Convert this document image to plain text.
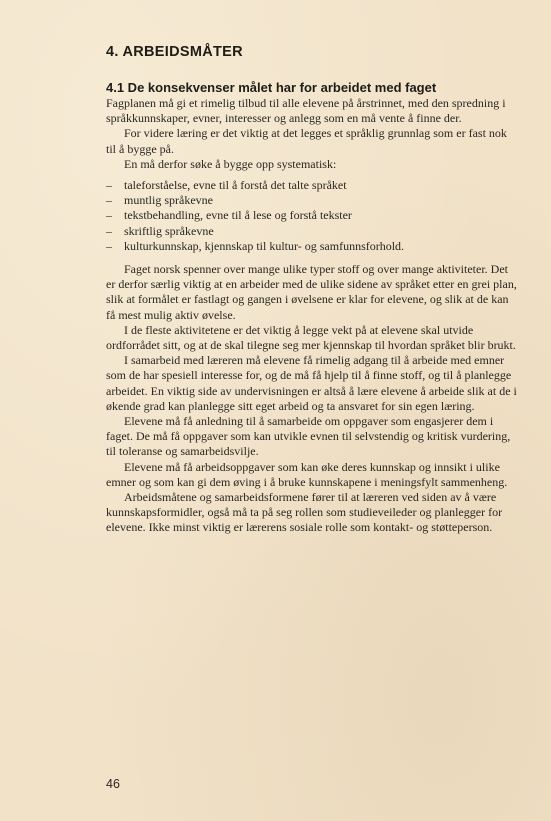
4. ARBEIDSMÅTER
4.1 De konsekvenser målet har for arbeidet med faget

Fagplanen må gi et rimelig tilbud til alle elevene på årstrinnet, med den spredning i språkkunnskaper, evner, interesser og anlegg som en må vente å finne der.

For videre læring er det viktig at det legges et språklig grunnlag som er fast nok til å bygge på.

En må derfor søke å bygge opp systematisk:

– taleforståelse, evne til å forstå det talte språket
– muntlig språkevne
– tekstbehandling, evne til å lese og forstå tekster
– skriftlig språkevne
– kulturkunnskap, kjennskap til kultur- og samfunnsforhold.

Faget norsk spenner over mange ulike typer stoff og over mange aktiviteter. Det er derfor særlig viktig at en arbeider med de ulike sidene av språket etter en grei plan, slik at formålet er fastlagt og gangen i øvelsene er klar for elevene, og slik at de kan få mest mulig aktiv øvelse.

I de fleste aktivitetene er det viktig å legge vekt på at elevene skal utvide ordforrådet sitt, og at de skal tilegne seg mer kjennskap til hvordan språket blir brukt.

I samarbeid med læreren må elevene få rimelig adgang til å arbeide med emner som de har spesiell interesse for, og de må få hjelp til å finne stoff, og til å planlegge arbeidet. En viktig side av undervisningen er altså å lære elevene å arbeide slik at de i økende grad kan planlegge sitt eget arbeid og ta ansvaret for sin egen læring.

Elevene må få anledning til å samarbeide om oppgaver som engasjerer dem i faget. De må få oppgaver som kan utvikle evnen til selvstendig og kritisk vurdering, til toleranse og samarbeidsvilje.

Elevene må få arbeidsoppgaver som kan øke deres kunnskap og innsikt i ulike emner og som kan gi dem øving i å bruke kunnskapene i meningsfylt sammenheng.

Arbeidsmåtene og samarbeidsformene fører til at læreren ved siden av å være kunnskapsformidler, også må ta på seg rollen som studieveileder og planlegger for elevene. Ikke minst viktig er lærerens sosiale rolle som kontakt- og støtteperson.

46
